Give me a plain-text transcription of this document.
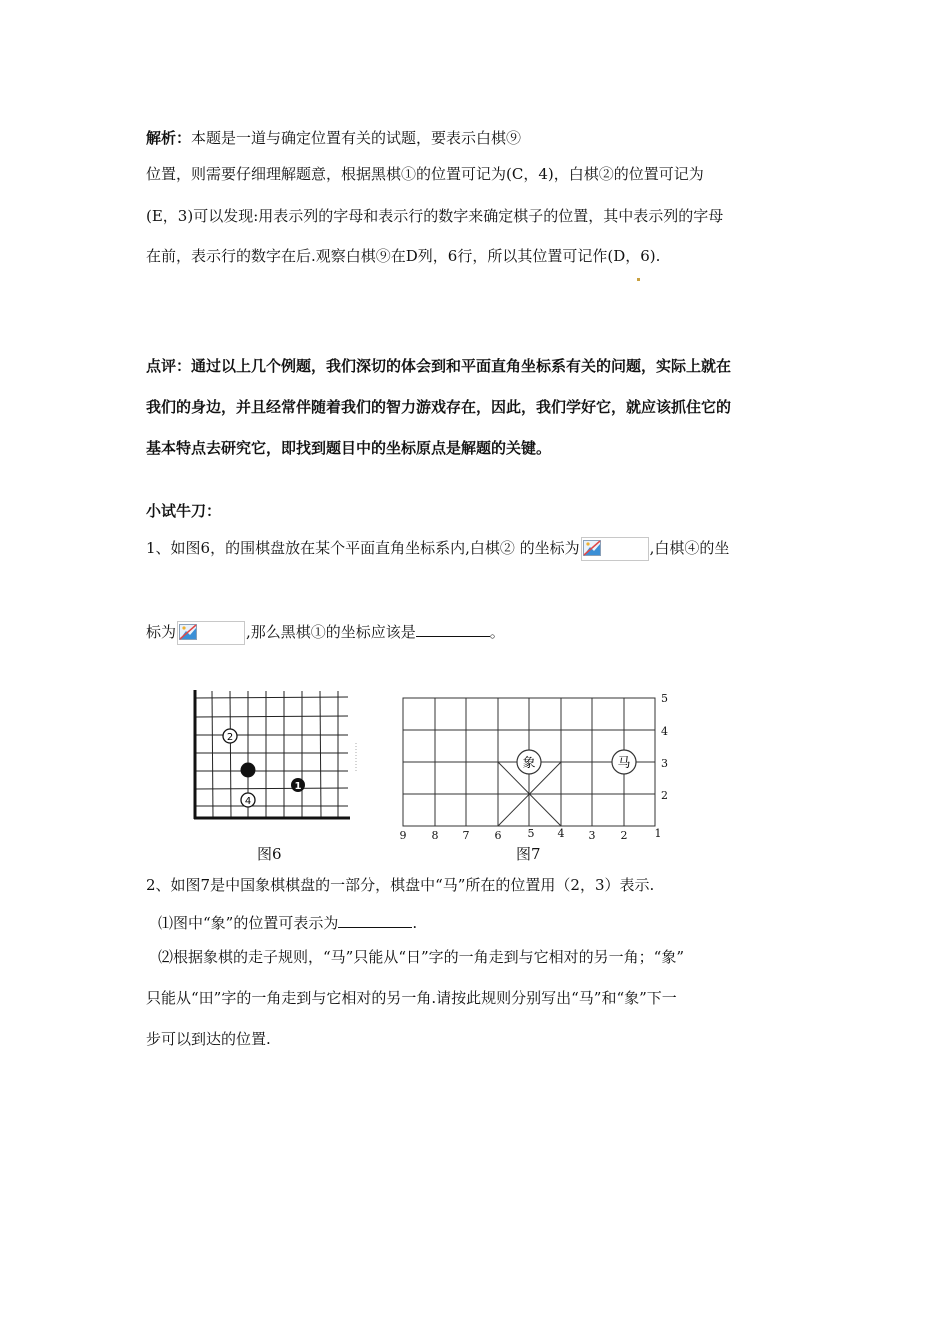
解析：本题是一道与确定位置有关的试题，要表示白棋⑨
位置，则需要仔细理解题意，根据黑棋①的位置可记为(C，4)，白棋②的位置可记为
(E，3)可以发现:用表示列的字母和表示行的数字来确定棋子的位置，其中表示列的字母
在前，表示行的数字在后.观察白棋⑨在D列，6行，所以其位置可记作(D，6).
点评：通过以上几个例题，我们深切的体会到和平面直角坐标系有关的问题，实际上就在
我们的身边，并且经常伴随着我们的智力游戏存在，因此，我们学好它，就应该抓住它的
基本特点去研究它，即找到题目中的坐标原点是解题的关键。
小试牛刀：
1、如图6，的围棋盘放在某个平面直角坐标系内,白棋② 的坐标为	,白棋④的坐
标为	,那么黑棋①的坐标应该是	。
2
4
1
图6
象	马
5
4
3
2
9 8 7 6 5 4 3 2 1
图7
2、如图7是中国象棋棋盘的一部分，棋盘中“马”所在的位置用（2，3）表示.
⑴图中“象”的位置可表示为	.
⑵根据象棋的走子规则，“马”只能从“日”字的一角走到与它相对的另一角；“象”
只能从“田”字的一角走到与它相对的另一角.请按此规则分别写出“马”和“象”下一
步可以到达的位置.
